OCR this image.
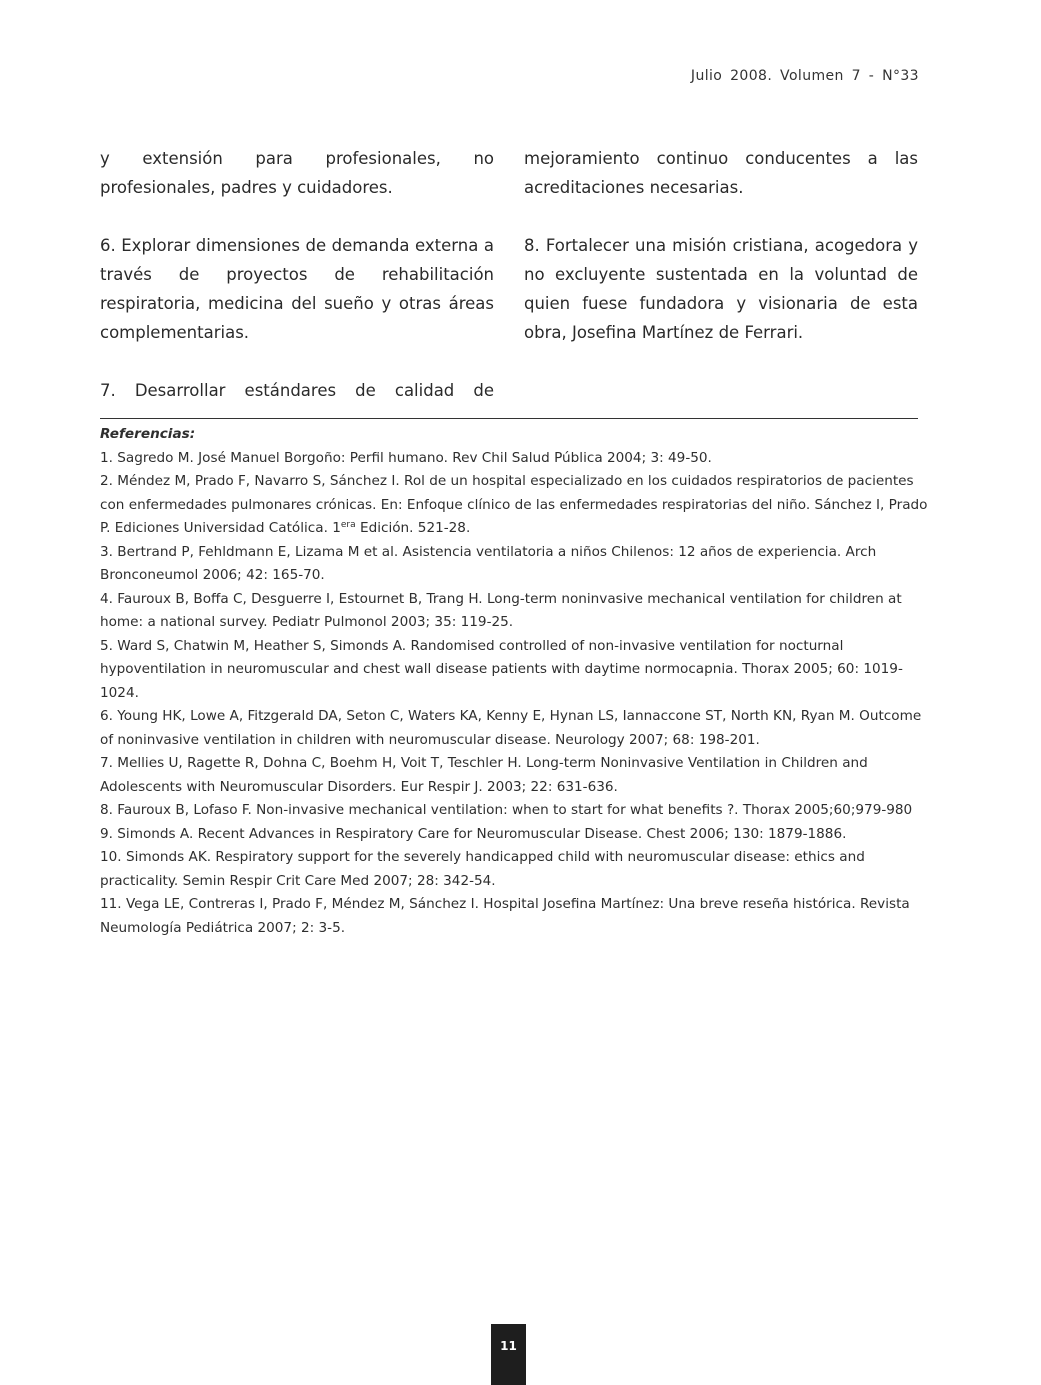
Julio 2008. Volumen 7 - N°33

y extensión para profesionales, no profesionales, padres y cuidadores.

6. Explorar dimensiones de demanda externa a través de proyectos de rehabilitación respiratoria, medicina del sueño y otras áreas complementarias.

7. Desarrollar estándares de calidad de

mejoramiento continuo conducentes a las acreditaciones necesarias.

8. Fortalecer una misión cristiana, acogedora y no excluyente sustentada en la voluntad de quien fuese fundadora y visionaria de esta obra, Josefina Martínez de Ferrari.

Referencias:
1. Sagredo M. José Manuel Borgoño: Perfil humano. Rev Chil Salud Pública 2004; 3: 49-50.
2. Méndez M, Prado F, Navarro S, Sánchez I. Rol de un hospital especializado en los cuidados respiratorios de pacientes con enfermedades pulmonares crónicas. En: Enfoque clínico de las enfermedades respiratorias del niño. Sánchez I, Prado P. Ediciones Universidad Católica. $1^{era}$ Edición. 521-28.
3. Bertrand P, Fehldmann E, Lizama M et al. Asistencia ventilatoria a niños Chilenos: 12 años de experiencia. Arch Bronconeumol 2006; 42: 165-70.
4. Fauroux B, Boffa C, Desguerre I, Estournet B, Trang H. Long-term noninvasive mechanical ventilation for children at home: a national survey. Pediatr Pulmonol 2003; 35: 119-25.
5. Ward S, Chatwin M, Heather S, Simonds A. Randomised controlled of non-invasive ventilation for nocturnal hypoventilation in neuromuscular and chest wall disease patients with daytime normocapnia. Thorax 2005; 60: 1019-1024.
6. Young HK, Lowe A, Fitzgerald DA, Seton C, Waters KA, Kenny E, Hynan LS, Iannaccone ST, North KN, Ryan M. Outcome of noninvasive ventilation in children with neuromuscular disease. Neurology 2007; 68: 198-201.
7. Mellies U, Ragette R, Dohna C, Boehm H, Voit T, Teschler H. Long-term Noninvasive Ventilation in Children and Adolescents with Neuromuscular Disorders. Eur Respir J. 2003; 22: 631-636.
8. Fauroux B, Lofaso F. Non-invasive mechanical ventilation: when to start for what benefits ?. Thorax 2005;60;979-980
9. Simonds A. Recent Advances in Respiratory Care for Neuromuscular Disease. Chest 2006; 130: 1879-1886.
10. Simonds AK. Respiratory support for the severely handicapped child with neuromuscular disease: ethics and practicality. Semin Respir Crit Care Med 2007; 28: 342-54.
11. Vega LE, Contreras I, Prado F, Méndez M, Sánchez I. Hospital Josefina Martínez: Una breve reseña histórica. Revista Neumología Pediátrica 2007; 2: 3-5.
11
